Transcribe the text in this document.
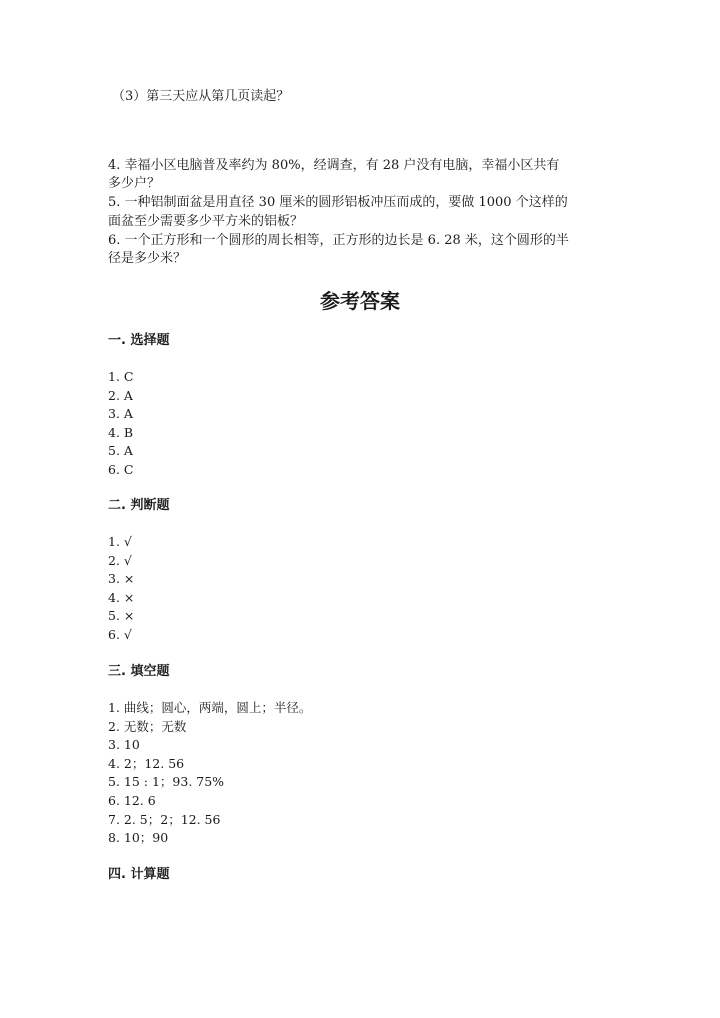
（3）第三天应从第几页读起？
4. 幸福小区电脑普及率约为 80%，经调查，有 28 户没有电脑，幸福小区共有
多少户？
5. 一种铝制面盆是用直径 30 厘米的圆形铝板冲压而成的，要做 1000 个这样的
面盆至少需要多少平方米的铝板？
6. 一个正方形和一个圆形的周长相等，正方形的边长是 6. 28 米，这个圆形的半
径是多少米？
参考答案
一. 选择题
1. C
2. A
3. A
4. B
5. A
6. C
二. 判断题
1. √
2. √
3. ×
4. ×
5. ×
6. √
三. 填空题
1. 曲线；圆心，两端，圆上；半径。
2. 无数；无数
3. 10
4. 2；12. 56
5. 15 : 1；93. 75%
6. 12. 6
7. 2. 5；2；12. 56
8. 10；90
四. 计算题
